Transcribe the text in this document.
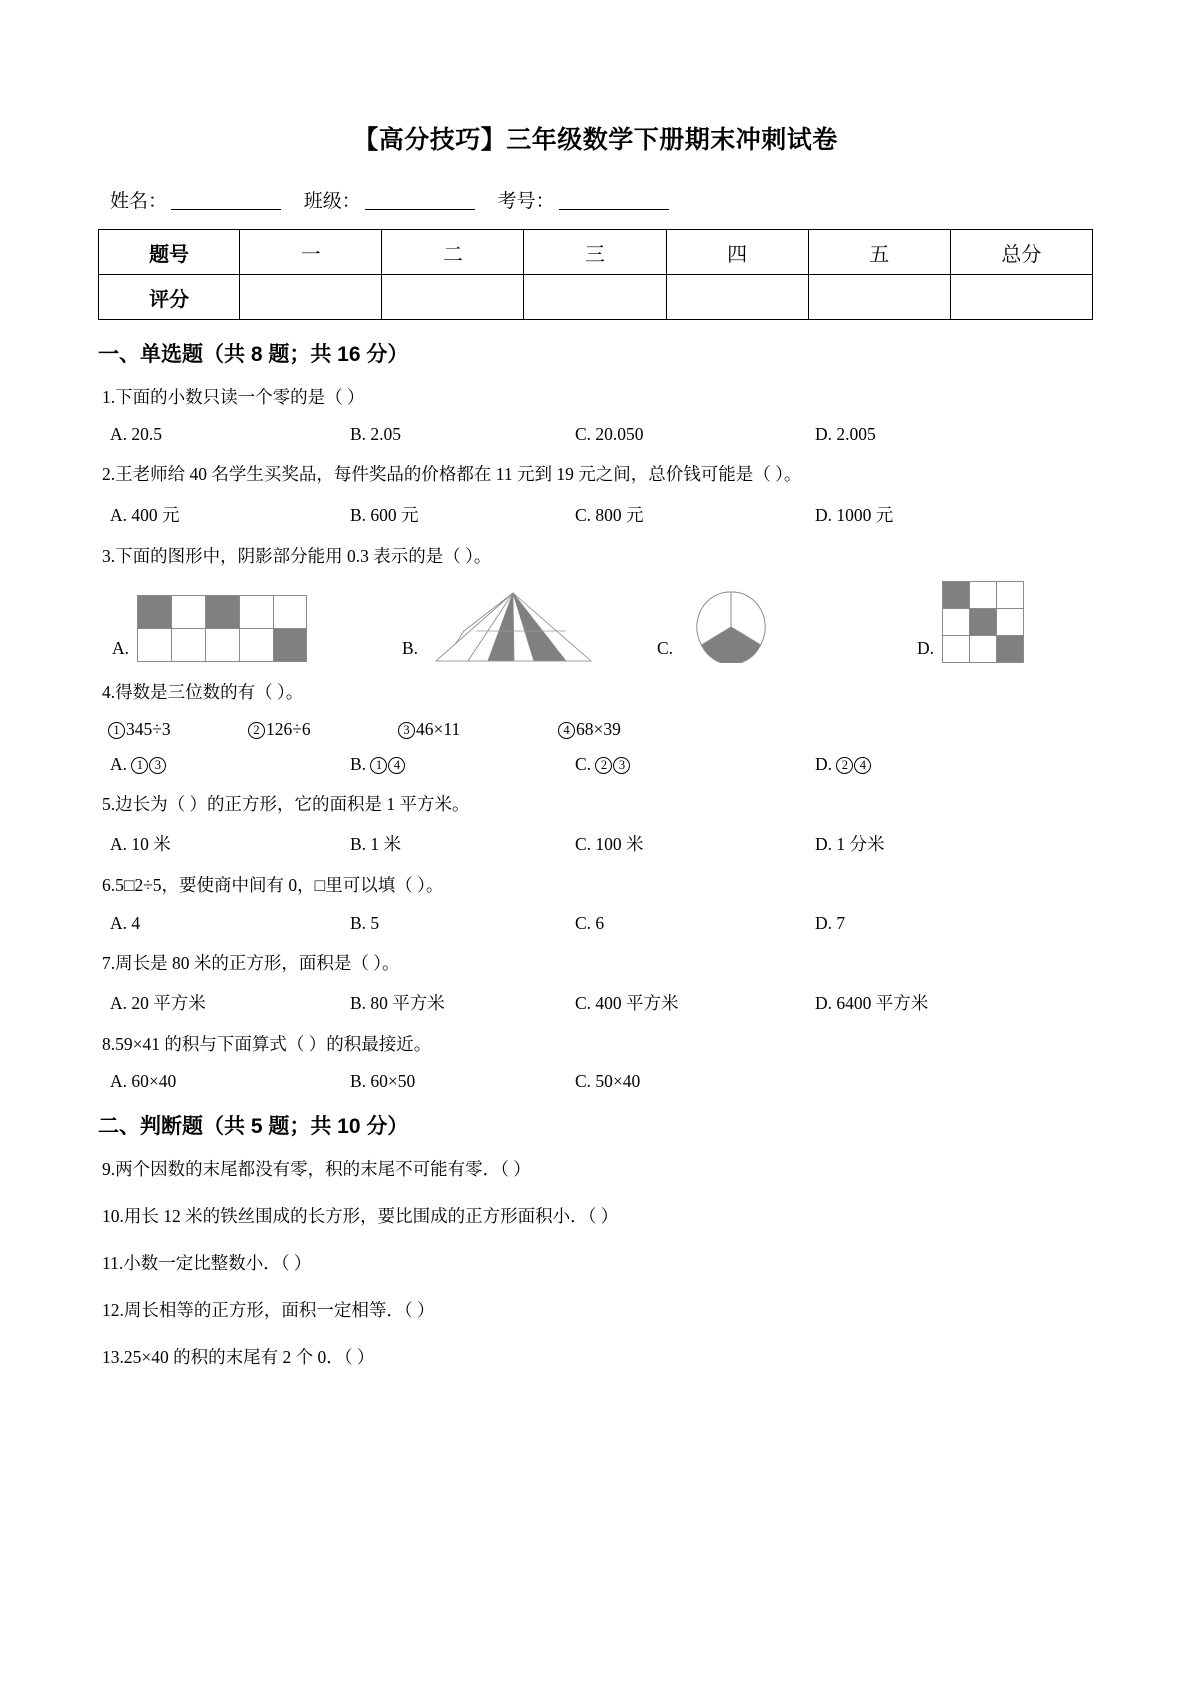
【高分技巧】三年级数学下册期末冲刺试卷
姓名：	班级：	考号：
题号	一	二	三	四	五	总分
评分						
一、单选题（共 8 题；共 16 分）
1.下面的小数只读一个零的是（ ）
A. 20.5	B. 2.05	C. 20.050	D. 2.005
2.王老师给 40 名学生买奖品，每件奖品的价格都在 11 元到 19 元之间，总价钱可能是（ ）。
A. 400 元	B. 600 元	C. 800 元	D. 1000 元
3.下面的图形中，阴影部分能用 0.3 表示的是（ ）。
A.	B.	C.	D.
4.得数是三位数的有（ ）。
1 345÷3	2 126÷6	3 46×11	4 68×39
A. 1 3	B. 1 4	C. 2 3	D. 2 4
5.边长为（ ）的正方形，它的面积是 1 平方米。
A. 10 米	B. 1 米	C. 100 米	D. 1 分米
6.5□2÷5，要使商中间有 0，□里可以填（ ）。
A. 4	B. 5	C. 6	D. 7
7.周长是 80 米的正方形，面积是（ ）。
A. 20 平方米	B. 80 平方米	C. 400 平方米	D. 6400 平方米
8.59×41 的积与下面算式（ ）的积最接近。
A. 60×40	B. 60×50	C. 50×40
二、判断题（共 5 题；共 10 分）
9.两个因数的末尾都没有零，积的末尾不可能有零．（ ）
10.用长 12 米的铁丝围成的长方形，要比围成的正方形面积小．（ ）
11.小数一定比整数小．（ ）
12.周长相等的正方形，面积一定相等．（ ）
13.25×40 的积的末尾有 2 个 0．（ ）
